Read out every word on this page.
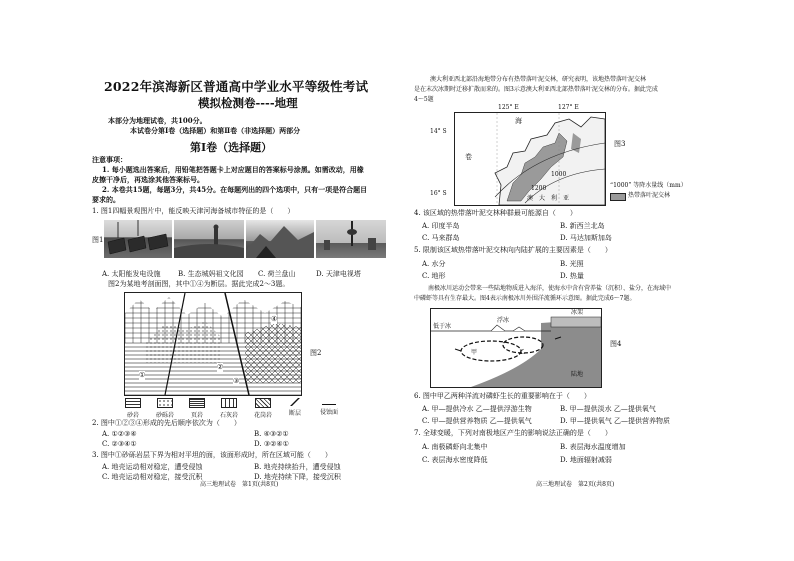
2022年滨海新区普通高中学业水平等级性考试
模拟检测卷----地理
本部分为地理试卷，共100分。
本试卷分第Ⅰ卷（选择题）和第Ⅱ卷（非选择题）两部分
第Ⅰ卷（选择题）
注意事项：
1. 每小题选出答案后，用铅笔把答题卡上对应题目的答案标号涂黑。如需改动，用橡
皮擦干净后，再选涂其他答案标号。
2. 本卷共15题，每题3分，共45分。在每题列出的四个选项中，只有一项是符合题目
要求的。
1. 图1四幅景观图片中，能反映天津河海备城市特征的是（　　）
图1
A. 太阳能发电设施 B. 生态城妈祖文化园 C. 荷兰盘山	D. 天津电视塔
图2为某地考剖面图，其中①④为断层。据此完成2～3题。
①
②
③
④
图2
砂岩	砂砾岩	页岩	石灰岩	花岗岩	断层	侵蚀面
2. 图中①②③④形成的先后顺序依次为（　　）
A. ①②③④	B. ④③②①
C. ②③④①	D. ③②④①
3. 图中①砂砾岩层下界为相对平坦的面，该面形成时，所在区域可能（　　）
A. 地壳运动相对稳定，遭受侵蚀	B. 地壳持续抬升，遭受侵蚀
C. 地壳运动相对稳定，接受沉积	D. 地壳持续下降，接受沉积
高三地理试卷　第1页(共8页)
澳大利亚西北部沿海地带分布有热带落叶泥交林，研究表明，该地热带落叶泥交林
是在末次冰期时迁移扩散而来的。图3示意澳大利亚西北部热带落叶泥交林的分布。据此完成
4～5题
125° E	127° E
14° S
16° S
海
卷
1200
1000
澳　大　利　亚
图3
“1000” 等降水量线（mm）
热带落叶泥交林
4. 该区域的热带落叶泥交林种群最可能源自（　　）
A. 印度半岛	B. 新西兰北岛
C. 马来群岛	D. 马达加斯加岛
5. 限制该区域热带落叶泥交林向内陆扩展的主要因素是（　　）
A. 水分	B. 光照
C. 地形	D. 热量
南极冰川运动会带来一些陆地物质进入海洋，使海水中含有营养盐（沉积）、盐分，在海域中
中磷虾等具有生存最大。图4表示南极冰川外围洋流循环示意图。据此完成6～7题。
冰架
浮冰
低于冰
甲	乙
陆地
图4
6. 图中甲乙两种洋流对磷虾生长的重要影响在于（　　）
A. 甲—提供冷水 乙—提供浮游生物	B. 甲—提供淡水 乙—提供氧气
C. 甲—提供营养物质 乙—提供氧气	D. 甲—提供氧气 乙—提供营养物质
7. 全球变暖，下列对南极地区产生的影响说法正确的是（　　）
A. 南极磷虾向北集中	B. 表层海水温度增加
C. 表层海水密度降低	D. 地面辐射减弱
高三地理试卷　第2页(共8页)
